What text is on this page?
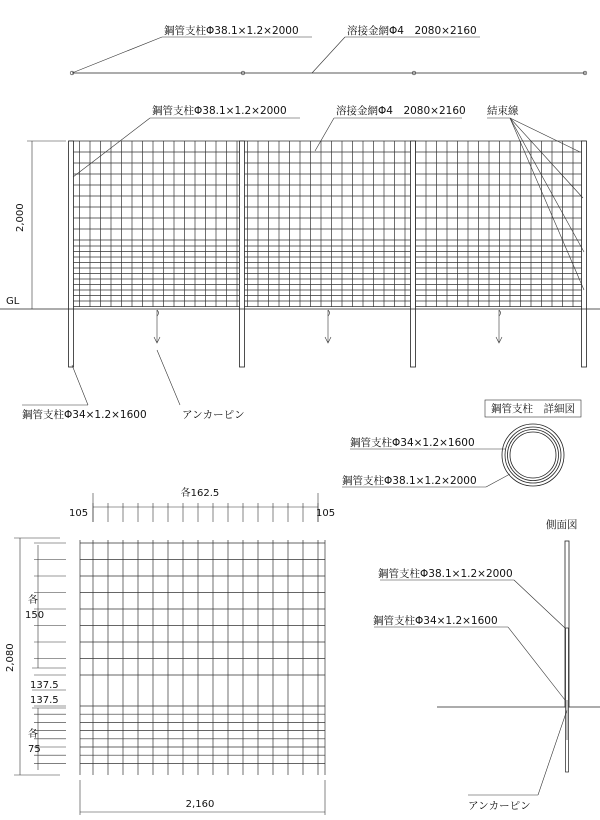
鋼管支柱Φ38.1×1.2×2000	溶接金網Φ4　2080×2160
GL
2,000
鋼管支柱Φ38.1×1.2×2000	溶接金網Φ4　2080×2160 結束線
鋼管支柱Φ34×1.2×1600	アンカーピン	鋼管支柱　詳細図
鋼管支柱Φ34×1.2×1600
鋼管支柱Φ38.1×1.2×2000
各162.5
105	105
2,080
各
150
137.5
137.5
各
75
2,160
側面図
鋼管支柱Φ38.1×1.2×2000
鋼管支柱Φ34×1.2×1600
アンカーピン
